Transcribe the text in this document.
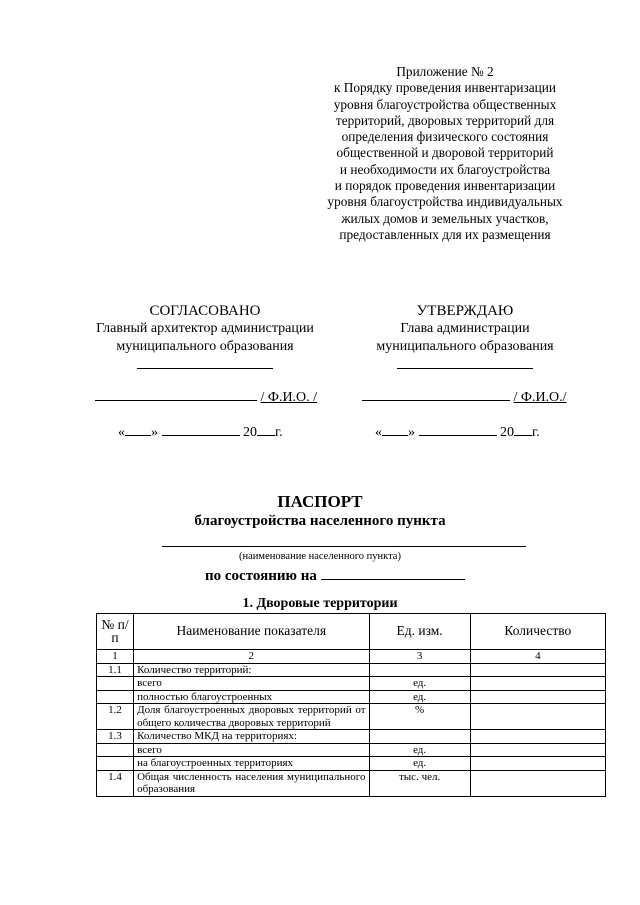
Приложение № 2
к Порядку проведения инвентаризации
уровня благоустройства общественных
территорий, дворовых территорий для
определения физического состояния
общественной и дворовой территорий
и необходимости их благоустройства
и порядок проведения инвентаризации
уровня благоустройства индивидуальных
жилых домов и земельных участков,
предоставленных для их размещения
СОГЛАСОВАНО
Главный архитектор администрации
муниципального образования
УТВЕРЖДАЮ
Глава администрации
муниципального образования
/ Ф.И.О. /	/ Ф.И.О./
« »	20 г.	« »	20 г.
ПАСПОРТ
благоустройства населенного пункта
(наименование населенного пункта)
по состоянию на
1. Дворовые территории
№ п/п	Наименование показателя	Ед. изм.	Количество
1	2	3	4
1.1	Количество территорий:		
	всего	ед.	
	полностью благоустроенных	ед.	
1.2	Доля благоустроенных дворовых территорий от общего количества дворовых территорий	%	
1.3	Количество МКД на территориях:		
	всего	ед.	
	на благоустроенных территориях	ед.	
1.4	Общая численность населения муниципального образования	тыс. чел.	
